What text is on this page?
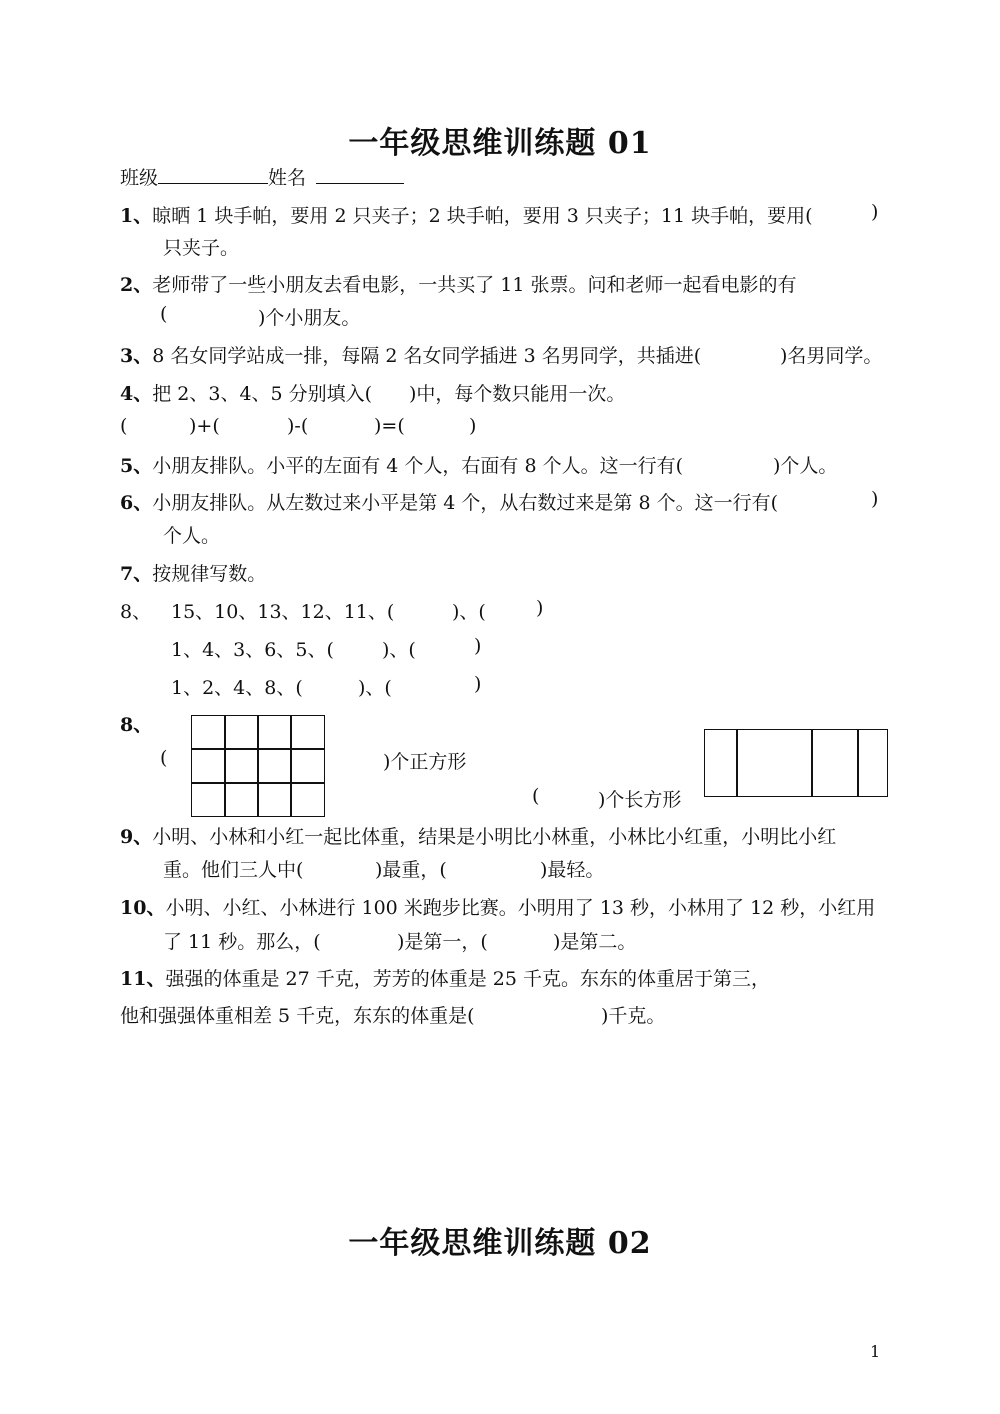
一年级思维训练题 01
班级	姓名
1、晾晒 1 块手帕，要用 2 只夹子；2 块手帕，要用 3 只夹子；11 块手帕，要用(	)
只夹子。
2、老师带了一些小朋友去看电影，一共买了 11 张票。问和老师一起看电影的有
(	)个小朋友。
3、8 名女同学站成一排，每隔 2 名女同学插进 3 名男同学，共插进(	)名男同学。
4、把 2、3、4、5 分别填入( )中，每个数只能用一次。
(	)+(	)-(	)=(	)
5、小朋友排队。小平的左面有 4 个人，右面有 8 个人。这一行有(	)个人。
6、小朋友排队。从左数过来小平是第 4 个，从右数过来是第 8 个。这一行有(	)
个人。
7、按规律写数。
8、 15、10、13、12、11、(	)、(	)
1、4、3、6、5、(	)、(	)
1、2、4、8、(	)、(	)
8、
(	)个正方形
(	)个长方形
9、小明、小林和小红一起比体重，结果是小明比小林重，小林比小红重，小明比小红
重。他们三人中(	)最重，(	)最轻。
10、小明、小红、小林进行 100 米跑步比赛。小明用了 13 秒，小林用了 12 秒，小红用
了 11 秒。那么，(	)是第一，(	)是第二。
11、强强的体重是 27 千克，芳芳的体重是 25 千克。东东的体重居于第三，
他和强强体重相差 5 千克，东东的体重是(	)千克。
一年级思维训练题 02
1
